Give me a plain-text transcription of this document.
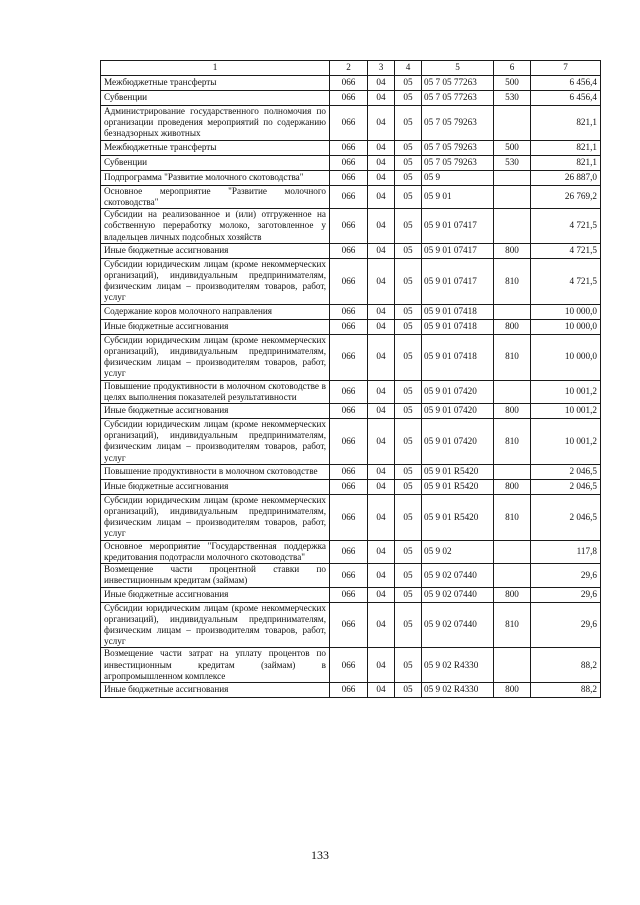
1	2	3	4	5	6	7
Межбюджетные трансферты	066	04	05	05 7 05 77263	500	6 456,4
Субвенции	066	04	05	05 7 05 77263	530	6 456,4
Администрирование государственного полномочия по организации проведения мероприятий по содержанию безнадзорных животных	066	04	05	05 7 05 79263		821,1
Межбюджетные трансферты	066	04	05	05 7 05 79263	500	821,1
Субвенции	066	04	05	05 7 05 79263	530	821,1
Подпрограмма "Развитие молочного скотоводства"	066	04	05	05 9		26 887,0
Основное мероприятие "Развитие молочного скотоводства"	066	04	05	05 9 01		26 769,2
Субсидии на реализованное и (или) отгруженное на собственную переработку молоко, заготовленное у владельцев личных подсобных хозяйств	066	04	05	05 9 01 07417		4 721,5
Иные бюджетные ассигнования	066	04	05	05 9 01 07417	800	4 721,5
Субсидии юридическим лицам (кроме некоммерческих организаций), индивидуальным предпринимателям, физическим лицам – производителям товаров, работ, услуг	066	04	05	05 9 01 07417	810	4 721,5
Содержание коров молочного направления	066	04	05	05 9 01 07418		10 000,0
Иные бюджетные ассигнования	066	04	05	05 9 01 07418	800	10 000,0
Субсидии юридическим лицам (кроме некоммерческих организаций), индивидуальным предпринимателям, физическим лицам – производителям товаров, работ, услуг	066	04	05	05 9 01 07418	810	10 000,0
Повышение продуктивности в молочном скотоводстве в целях выполнения показателей результативности	066	04	05	05 9 01 07420		10 001,2
Иные бюджетные ассигнования	066	04	05	05 9 01 07420	800	10 001,2
Субсидии юридическим лицам (кроме некоммерческих организаций), индивидуальным предпринимателям, физическим лицам – производителям товаров, работ, услуг	066	04	05	05 9 01 07420	810	10 001,2
Повышение продуктивности в молочном скотоводстве	066	04	05	05 9 01 R5420		2 046,5
Иные бюджетные ассигнования	066	04	05	05 9 01 R5420	800	2 046,5
Субсидии юридическим лицам (кроме некоммерческих организаций), индивидуальным предпринимателям, физическим лицам – производителям товаров, работ, услуг	066	04	05	05 9 01 R5420	810	2 046,5
Основное мероприятие "Государственная поддержка кредитования подотрасли молочного скотоводства"	066	04	05	05 9 02		117,8
Возмещение части процентной ставки по инвестиционным кредитам (займам)	066	04	05	05 9 02 07440		29,6
Иные бюджетные ассигнования	066	04	05	05 9 02 07440	800	29,6
Субсидии юридическим лицам (кроме некоммерческих организаций), индивидуальным предпринимателям, физическим лицам – производителям товаров, работ, услуг	066	04	05	05 9 02 07440	810	29,6
Возмещение части затрат на уплату процентов по инвестиционным кредитам (займам) в агропромышленном комплексе	066	04	05	05 9 02 R4330		88,2
Иные бюджетные ассигнования	066	04	05	05 9 02 R4330	800	88,2
133
